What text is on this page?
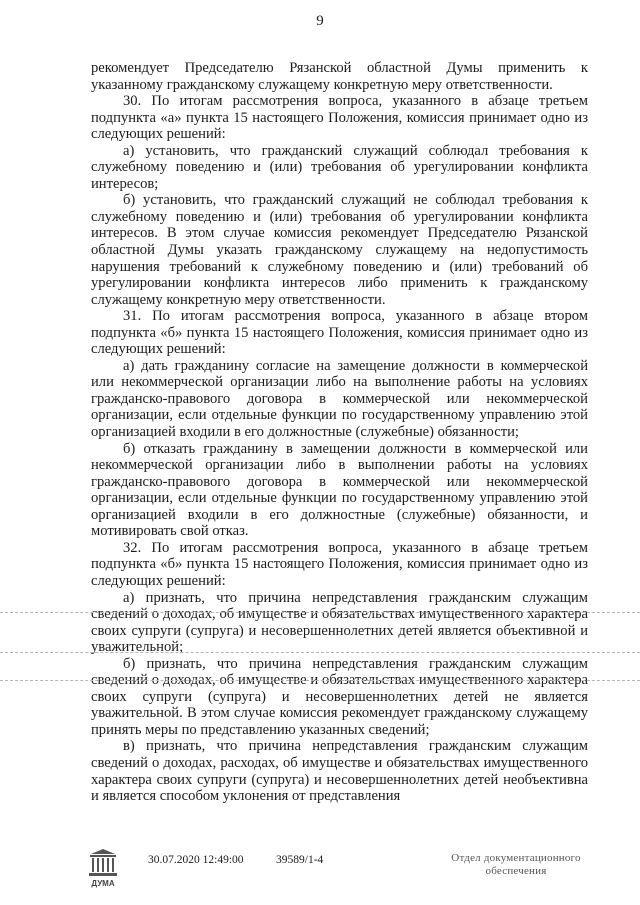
9

рекомендует Председателю Рязанской областной Думы применить к указанному гражданскому служащему конкретную меру ответственности.

30. По итогам рассмотрения вопроса, указанного в абзаце третьем подпункта «а» пункта 15 настоящего Положения, комиссия принимает одно из следующих решений:

а) установить, что гражданский служащий соблюдал требования к служебному поведению и (или) требования об урегулировании конфликта интересов;

б) установить, что гражданский служащий не соблюдал требования к служебному поведению и (или) требования об урегулировании конфликта интересов. В этом случае комиссия рекомендует Председателю Рязанской областной Думы указать гражданскому служащему на недопустимость нарушения требований к служебному поведению и (или) требований об урегулировании конфликта интересов либо применить к гражданскому служащему конкретную меру ответственности.

31. По итогам рассмотрения вопроса, указанного в абзаце втором подпункта «б» пункта 15 настоящего Положения, комиссия принимает одно из следующих решений:

а) дать гражданину согласие на замещение должности в коммерческой или некоммерческой организации либо на выполнение работы на условиях гражданско-правового договора в коммерческой или некоммерческой организации, если отдельные функции по государственному управлению этой организацией входили в его должностные (служебные) обязанности;

б) отказать гражданину в замещении должности в коммерческой или некоммерческой организации либо в выполнении работы на условиях гражданско-правового договора в коммерческой или некоммерческой организации, если отдельные функции по государственному управлению этой организацией входили в его должностные (служебные) обязанности, и мотивировать свой отказ.

32. По итогам рассмотрения вопроса, указанного в абзаце третьем подпункта «б» пункта 15 настоящего Положения, комиссия принимает одно из следующих решений:

а) признать, что причина непредставления гражданским служащим сведений о доходах, об имуществе и обязательствах имущественного характера своих супруги (супруга) и несовершеннолетних детей является объективной и уважительной;

б) признать, что причина непредставления гражданским служащим сведений о доходах, об имуществе и обязательствах имущественного характера своих супруги (супруга) и несовершеннолетних детей не является уважительной. В этом случае комиссия рекомендует гражданскому служащему принять меры по представлению указанных сведений;

в) признать, что причина непредставления гражданским служащим сведений о доходах, расходах, об имуществе и обязательствах имущественного характера своих супруги (супруга) и несовершеннолетних детей необъективна и является способом уклонения от представления

ДУМА
30.07.2020 12:49:00	39589/1-4	Отдел документационного
обеспечения
